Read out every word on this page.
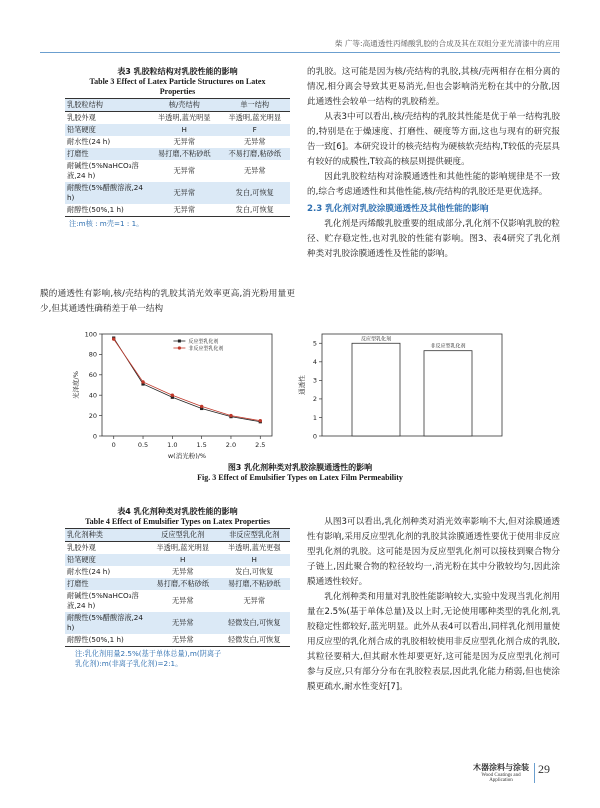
柴 广等:高通透性丙烯酸乳胶的合成及其在双组分亚光清漆中的应用
表3 乳胶粒结构对乳胶性能的影响
Table 3 Effect of Latex Particle Structures on Latex
Properties
乳胶粒结构	核/壳结构	单一结构
乳胶外观	半透明,蓝光明显	半透明,蓝光明显
铅笔硬度	H	F
耐水性(24 h)	无异常	无异常
打磨性	易打磨,不粘砂纸	不易打磨,粘砂纸
耐碱性(5%NaHCO₃溶液,24 h)	无异常	无异常
耐酸性(5%醋酸溶液,24 h)	无异常	发白,可恢复
耐醇性(50%,1 h)	无异常	发白,可恢复
注:m核 : m壳=1 : 1。

膜的通透性有影响,核/壳结构的乳胶其消光效率更高,消光粉用量更少,但其通透性确稍差于单一结构

的乳胶。这可能是因为核/壳结构的乳胶,其核/壳两相存在相分离的情况,相分离会导致其更易消光,但也会影响消光粉在其中的分散,因此通透性会较单一结构的乳胶稍差。

从表3中可以看出,核/壳结构的乳胶其性能是优于单一结构乳胶的,特别是在于燥速度、打磨性、硬度等方面,这也与现有的研究报告一致[6]。本研究设计的核壳结构为硬核软壳结构,T较低的壳层具有较好的成膜性,T较高的核层则提供硬度。

因此乳胶粒结构对涂膜通透性和其他性能的影响规律是不一致的,综合考虑通透性和其他性能,核/壳结构的乳胶还是更优选择。

2.3 乳化剂对乳胶涂膜通透性及其他性能的影响

乳化剂是丙烯酸乳胶重要的组成部分,乳化剂不仅影响乳胶的粒径、贮存稳定性,也对乳胶的性能有影响。图3、表4研究了乳化剂种类对乳胶涂膜通透性及性能的影响。

0	0.5	1.0	1.5	2.0	2.5
0
20
40
60
80
100
w(消光粉)/%
光泽度/%
反应型乳化剂
非反应型乳化剂
0
1
2
3
4
5
通透性
反应型乳化剂
非反应型乳化剂
图3 乳化剂种类对乳胶涂膜通透性的影响
Fig. 3 Effect of Emulsifier Types on Latex Film Permeability
表4 乳化剂种类对乳胶性能的影响
Table 4 Effect of Emulsifier Types on Latex Properties
乳化剂种类	反应型乳化剂	非反应型乳化剂
乳胶外观	半透明,蓝光明显	半透明,蓝光更强
铅笔硬度	H	H
耐水性(24 h)	无异常	发白,可恢复
打磨性	易打磨,不粘砂纸	易打磨,不粘砂纸
耐碱性(5%NaHCO₃溶液,24 h)	无异常	无异常
耐酸性(5%醋酸溶液,24 h)	无异常	轻微发白,可恢复
耐醇性(50%,1 h)	无异常	轻微发白,可恢复
注:乳化剂用量2.5%(基于单体总量),m(阴离子
乳化剂):m(非离子乳化剂)=2:1。

从图3可以看出,乳化剂种类对消光效率影响不大,但对涂膜通透性有影响,采用反应型乳化剂的乳胶其涂膜通透性要优于使用非反应型乳化剂的乳胶。这可能是因为反应型乳化剂可以接枝到聚合物分子链上,因此聚合物的粒径较均一,消光粉在其中分散较均匀,因此涂膜通透性较好。

乳化剂种类和用量对乳胶性能影响较大,实验中发现当乳化剂用量在2.5%(基于单体总量)及以上时,无论使用哪种类型的乳化剂,乳胶稳定性都较好,蓝光明显。此外从表4可以看出,同样乳化剂用量使用反应型的乳化剂合成的乳胶相较使用非反应型乳化剂合成的乳胶,其粒径要稍大,但其耐水性却要更好,这可能是因为反应型乳化剂可参与反应,只有部分分布在乳胶粒表层,因此乳化能力稍弱,但也使涂膜更疏水,耐水性变好[7]。

木器涂料与涂装
Wood Coatings and Application
29
